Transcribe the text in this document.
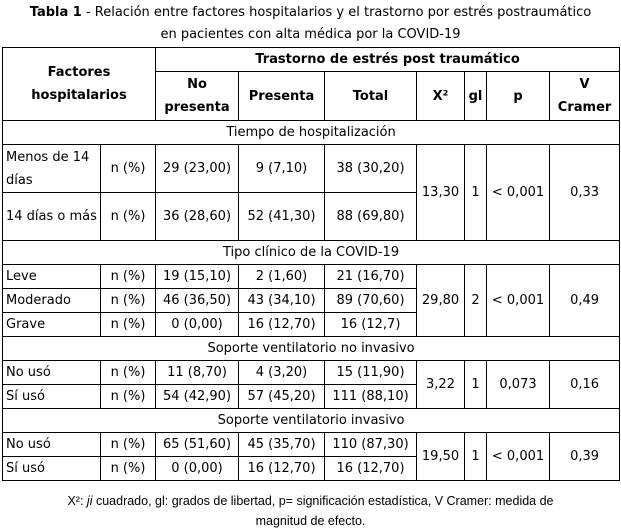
Tabla 1 - Relación entre factores hospitalarios y el trastorno por estrés postraumático
en pacientes con alta médica por la COVID-19
Factores hospitalarios		Trastorno de estrés post traumático						
		No presenta	Presenta	Total	X²	gl	p	V Cramer
Tiempo de hospitalización								
Menos de 14 días	n (%)	29 (23,00)	9 (7,10)	38 (30,20)	13,30	1	< 0,001	0,33
14 días o más	n (%)	36 (28,60)	52 (41,30)	88 (69,80)				
Tipo clínico de la COVID-19								
Leve	n (%)	19 (15,10)	2 (1,60)	21 (16,70)	29,80	2	< 0,001	0,49
Moderado	n (%)	46 (36,50)	43 (34,10)	89 (70,60)				
Grave	n (%)	0 (0,00)	16 (12,70)	16 (12,7)				
Soporte ventilatorio no invasivo								
No usó	n (%)	11 (8,70)	4 (3,20)	15 (11,90)	3,22	1	0,073	0,16
Sí usó	n (%)	54 (42,90)	57 (45,20)	111 (88,10)				
Soporte ventilatorio invasivo								
No usó	n (%)	65 (51,60)	45 (35,70)	110 (87,30)	19,50	1	< 0,001	0,39
Sí usó	n (%)	0 (0,00)	16 (12,70)	16 (12,70)				
X²: ji cuadrado, gl: grados de libertad, p= significación estadística, V Cramer: medida de
magnitud de efecto.
